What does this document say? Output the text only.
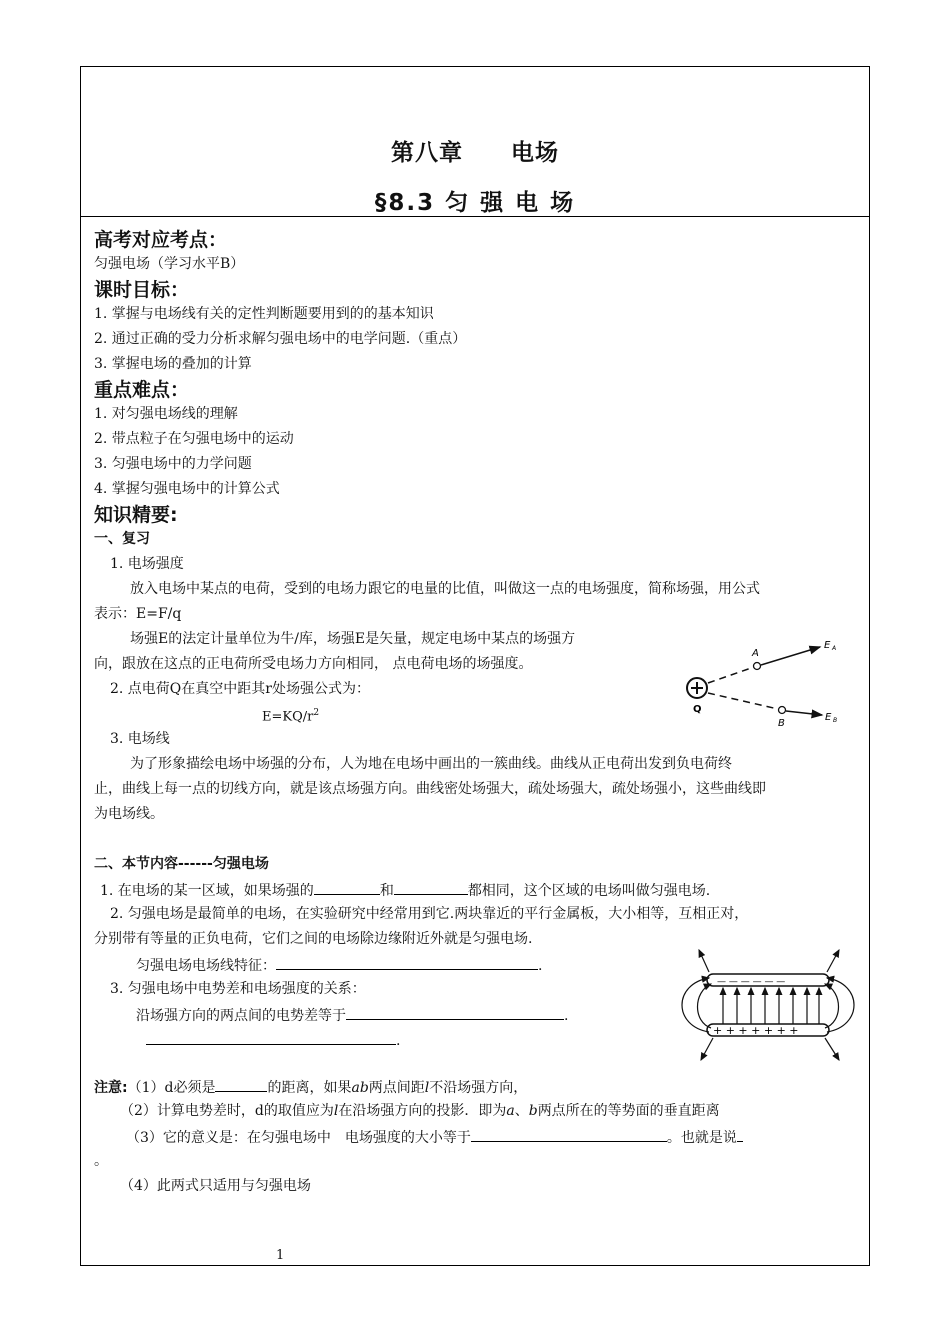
第八章　　电场
§8.3 匀 强 电 场
高考对应考点：
匀强电场（学习水平B）
课时目标：
1. 掌握与电场线有关的定性判断题要用到的的基本知识
2. 通过正确的受力分析求解匀强电场中的电学问题.（重点）
3. 掌握电场的叠加的计算
重点难点：
1. 对匀强电场线的理解
2. 带点粒子在匀强电场中的运动
3. 匀强电场中的力学问题
4. 掌握匀强电场中的计算公式
知识精要:
一、复习
1. 电场强度
放入电场中某点的电荷，受到的电场力跟它的电量的比值，叫做这一点的电场强度，简称场强，用公式
表示：E=F/q
场强E的法定计量单位为牛/库，场强E是矢量，规定电场中某点的场强方
向，跟放在这点的正电荷所受电场力方向相同， 点电荷电场的场强度。
2. 点电荷Q在真空中距其r处场强公式为：
$E=KQ/r^2$
3. 电场线
为了形象描绘电场中场强的分布，人为地在电场中画出的一簇曲线。曲线从正电荷出发到负电荷终
止，曲线上每一点的切线方向，就是该点场强方向。曲线密处场强大，疏处场强大，疏处场强小，这些曲线即
为电场线。
A
E A
Q
B
E B
二、本节内容------匀强电场
1. 在电场的某一区域，如果场强的	和	都相同，这个区域的电场叫做匀强电场.
2. 匀强电场是最简单的电场，在实验研究中经常用到它.两块靠近的平行金属板，大小相等，互相正对，
分别带有等量的正负电荷，它们之间的电场除边缘附近外就是匀强电场.
匀强电场电场线特征：	.
3. 匀强电场中电势差和电场强度的关系：
沿场强方向的两点间的电势差等于	.
.
— — — — — —
+ + + + + + +
注意:（1）d必须是	的距离，如果ab两点间距l不沿场强方向，
（2）计算电势差时，d的取值应为l在沿场强方向的投影．即为a、b两点所在的等势面的垂直距离
（3）它的意义是：在匀强电场中　电场强度的大小等于	。也就是说
。
（4）此两式只适用与匀强电场
1
